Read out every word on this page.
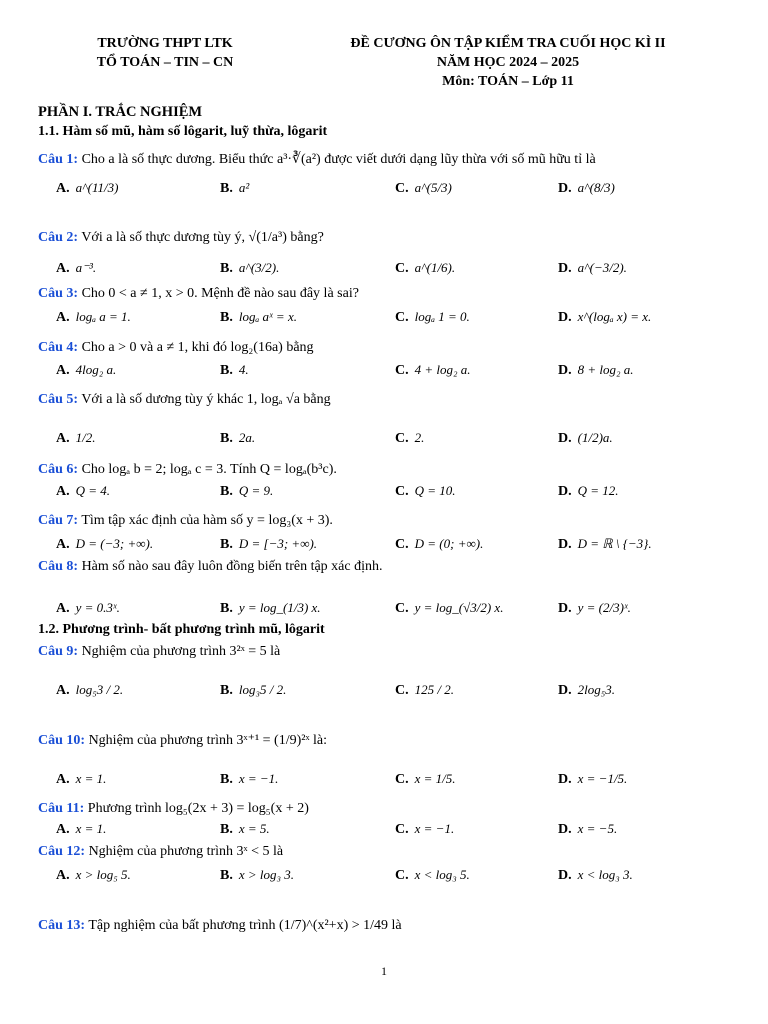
TRƯỜNG THPT LTK
TỔ TOÁN – TIN – CN
ĐỀ CƯƠNG ÔN TẬP KIỂM TRA CUỐI HỌC KÌ II
NĂM HỌC 2024 – 2025
Môn: TOÁN – Lớp 11
PHẦN I. TRẮC NGHIỆM
1.1. Hàm số mũ, hàm số lôgarit, luỹ thừa, lôgarit
Câu 1: Cho a là số thực dương. Biểu thức a³·∛(a²) được viết dưới dạng lũy thừa với số mũ hữu tỉ là
A. a^(11/3)	B. a²	C. a^(5/3)	D. a^(8/3)
Câu 2: Với a là số thực dương tùy ý, √(1/a³) bằng?
A. a⁻³.	B. a^(3/2).	C. a^(1/6).	D. a^(−3/2).
Câu 3: Cho 0 < a ≠ 1, x > 0. Mệnh đề nào sau đây là sai?
A. logₐ a = 1.	B. logₐ aˣ = x.	C. logₐ 1 = 0.	D. x^(logₐ x) = x.
Câu 4: Cho a > 0 và a ≠ 1, khi đó log₂(16a) bằng
A. 4log₂ a.	B. 4.	C. 4 + log₂ a.	D. 8 + log₂ a.
Câu 5: Với a là số dương tùy ý khác 1, logₐ √a bằng
A. 1/2.	B. 2a.	C. 2.	D. (1/2)a.
Câu 6: Cho logₐ b = 2; logₐ c = 3. Tính Q = logₐ(b³c).
A. Q = 4.	B. Q = 9.	C. Q = 10.	D. Q = 12.
Câu 7: Tìm tập xác định của hàm số y = log₃(x + 3).
A. D = (−3; +∞).	B. D = [−3; +∞).	C. D = (0; +∞).	D. D = ℝ \ {−3}.
Câu 8: Hàm số nào sau đây luôn đồng biến trên tập xác định.
A. y = 0.3ˣ.	B. y = log_(1/3) x.	C. y = log_(√3/2) x.	D. y = (2/3)ˣ.
1.2. Phương trình- bất phương trình mũ, lôgarit
Câu 9: Nghiệm của phương trình 3²ˣ = 5 là
A. log₅3 / 2.	B. log₃5 / 2.	C. 125 / 2.	D. 2log₅3.
Câu 10: Nghiệm của phương trình 3ˣ⁺¹ = (1/9)²ˣ là:
A. x = 1.	B. x = −1.	C. x = 1/5.	D. x = −1/5.
Câu 11: Phương trình log₅(2x + 3) = log₅(x + 2)
A. x = 1.	B. x = 5.	C. x = −1.	D. x = −5.
Câu 12: Nghiệm của phương trình 3ˣ < 5 là
A. x > log₅ 5.	B. x > log₃ 3.	C. x < log₃ 5.	D. x < log₃ 3.
Câu 13: Tập nghiệm của bất phương trình (1/7)^(x²+x) > 1/49 là
1
